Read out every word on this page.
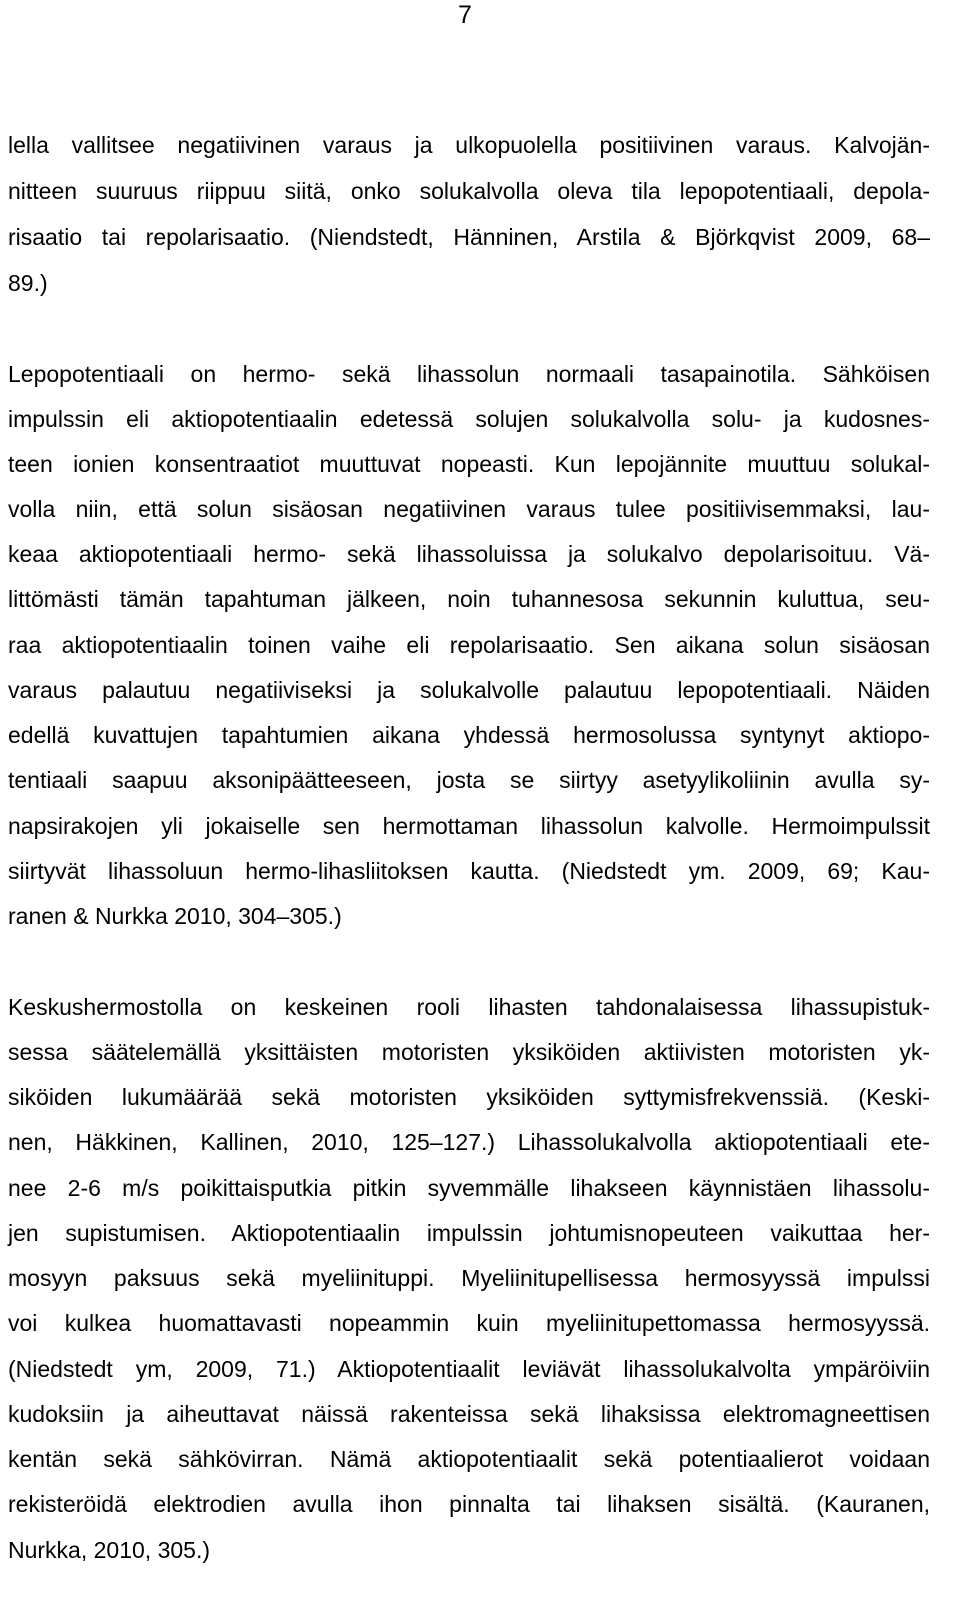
7
lella vallitsee negatiivinen varaus ja ulkopuolella positiivinen varaus. Kalvojän-
nitteen suuruus riippuu siitä, onko solukalvolla oleva tila lepopotentiaali, depola-
risaatio tai repolarisaatio. (Niendstedt, Hänninen, Arstila & Björkqvist 2009, 68–
89.)
Lepopotentiaali on hermo- sekä lihassolun normaali tasapainotila. Sähköisen
impulssin eli aktiopotentiaalin edetessä solujen solukalvolla solu- ja kudosnes-
teen ionien konsentraatiot muuttuvat nopeasti. Kun lepojännite muuttuu solukal-
volla niin, että solun sisäosan negatiivinen varaus tulee positiivisemmaksi, lau-
keaa aktiopotentiaali hermo- sekä lihassoluissa ja solukalvo depolarisoituu. Vä-
littömästi tämän tapahtuman jälkeen, noin tuhannesosa sekunnin kuluttua, seu-
raa aktiopotentiaalin toinen vaihe eli repolarisaatio. Sen aikana solun sisäosan
varaus palautuu negatiiviseksi ja solukalvolle palautuu lepopotentiaali. Näiden
edellä kuvattujen tapahtumien aikana yhdessä hermosolussa syntynyt aktiopo-
tentiaali saapuu aksonipäätteeseen, josta se siirtyy asetyylikoliinin avulla sy-
napsirakojen yli jokaiselle sen hermottaman lihassolun kalvolle. Hermoimpulssit
siirtyvät lihassoluun hermo-lihasliitoksen kautta. (Niedstedt ym. 2009, 69; Kau-
ranen & Nurkka 2010, 304–305.)
Keskushermostolla on keskeinen rooli lihasten tahdonalaisessa lihassupistuk-
sessa säätelemällä yksittäisten motoristen yksiköiden aktiivisten motoristen yk-
siköiden lukumäärää sekä motoristen yksiköiden syttymisfrekvenssiä. (Keski-
nen, Häkkinen, Kallinen, 2010, 125–127.) Lihassolukalvolla aktiopotentiaali ete-
nee 2-6 m/s poikittaisputkia pitkin syvemmälle lihakseen käynnistäen lihassolu-
jen supistumisen. Aktiopotentiaalin impulssin johtumisnopeuteen vaikuttaa her-
mosyyn paksuus sekä myeliinituppi. Myeliinitupellisessa hermosyyssä impulssi
voi kulkea huomattavasti nopeammin kuin myeliinitupettomassa hermosyyssä.
(Niedstedt ym, 2009, 71.) Aktiopotentiaalit leviävät lihassolukalvolta ympäröiviin
kudoksiin ja aiheuttavat näissä rakenteissa sekä lihaksissa elektromagneettisen
kentän sekä sähkövirran. Nämä aktiopotentiaalit sekä potentiaalierot voidaan
rekisteröidä elektrodien avulla ihon pinnalta tai lihaksen sisältä. (Kauranen,
Nurkka, 2010, 305.)
